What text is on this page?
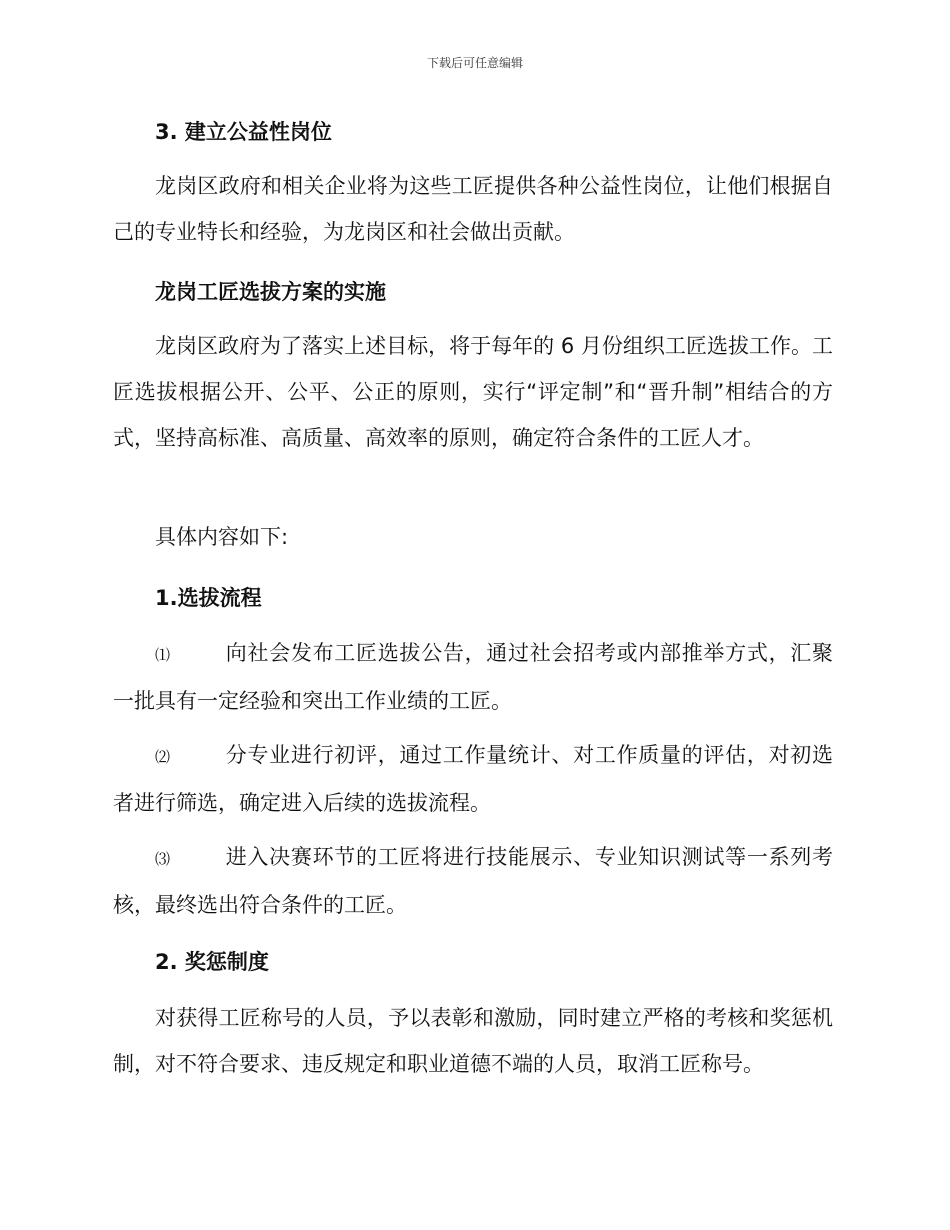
下载后可任意编辑
3. 建立公益性岗位
龙岗区政府和相关企业将为这些工匠提供各种公益性岗位，让他们根据自己的专业特长和经验，为龙岗区和社会做出贡献。
龙岗工匠选拔方案的实施
龙岗区政府为了落实上述目标，将于每年的 6 月份组织工匠选拔工作。工匠选拔根据公开、公平、公正的原则，实行“评定制”和“晋升制”相结合的方式，坚持高标准、高质量、高效率的原则，确定符合条件的工匠人才。
具体内容如下:
1.选拔流程
⑴	向社会发布工匠选拔公告，通过社会招考或内部推举方式，汇聚一批具有一定经验和突出工作业绩的工匠。
⑵	分专业进行初评，通过工作量统计、对工作质量的评估，对初选者进行筛选，确定进入后续的选拔流程。
⑶	进入决赛环节的工匠将进行技能展示、专业知识测试等一系列考核，最终选出符合条件的工匠。
2. 奖惩制度
对获得工匠称号的人员，予以表彰和激励，同时建立严格的考核和奖惩机制，对不符合要求、违反规定和职业道德不端的人员，取消工匠称号。
